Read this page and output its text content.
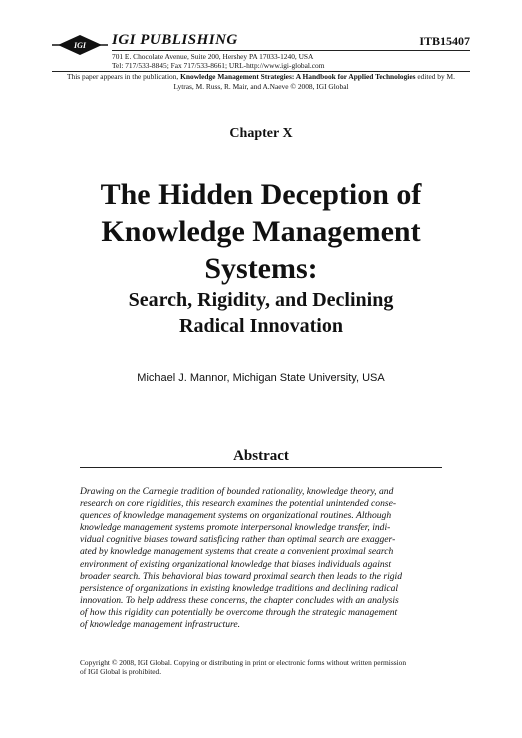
IGI IGI PUBLISHING	ITB15407
701 E. Chocolate Avenue, Suite 200, Hershey PA 17033-1240, USA
Tel: 717/533-8845; Fax 717/533-8661; URL-http://www.igi-global.com
This paper appears in the publication, Knowledge Management Strategies: A Handbook for Applied Technologies edited by M. Lytras, M. Russ, R. Mair, and A.Naeve © 2008, IGI Global
Chapter X
The Hidden Deception of
Knowledge Management
Systems:
Search, Rigidity, and Declining
Radical Innovation
Michael J. Mannor, Michigan State University, USA
Abstract
Drawing on the Carnegie tradition of bounded rationality, knowledge theory, and
research on core rigidities, this research examines the potential unintended conse-
quences of knowledge management systems on organizational routines. Although
knowledge management systems promote interpersonal knowledge transfer, indi-
vidual cognitive biases toward satisficing rather than optimal search are exagger-
ated by knowledge management systems that create a convenient proximal search
environment of existing organizational knowledge that biases individuals against
broader search. This behavioral bias toward proximal search then leads to the rigid
persistence of organizations in existing knowledge traditions and declining radical
innovation. To help address these concerns, the chapter concludes with an analysis
of how this rigidity can potentially be overcome through the strategic management
of knowledge management infrastructure.
Copyright © 2008, IGI Global. Copying or distributing in print or electronic forms without written permission
of IGI Global is prohibited.
